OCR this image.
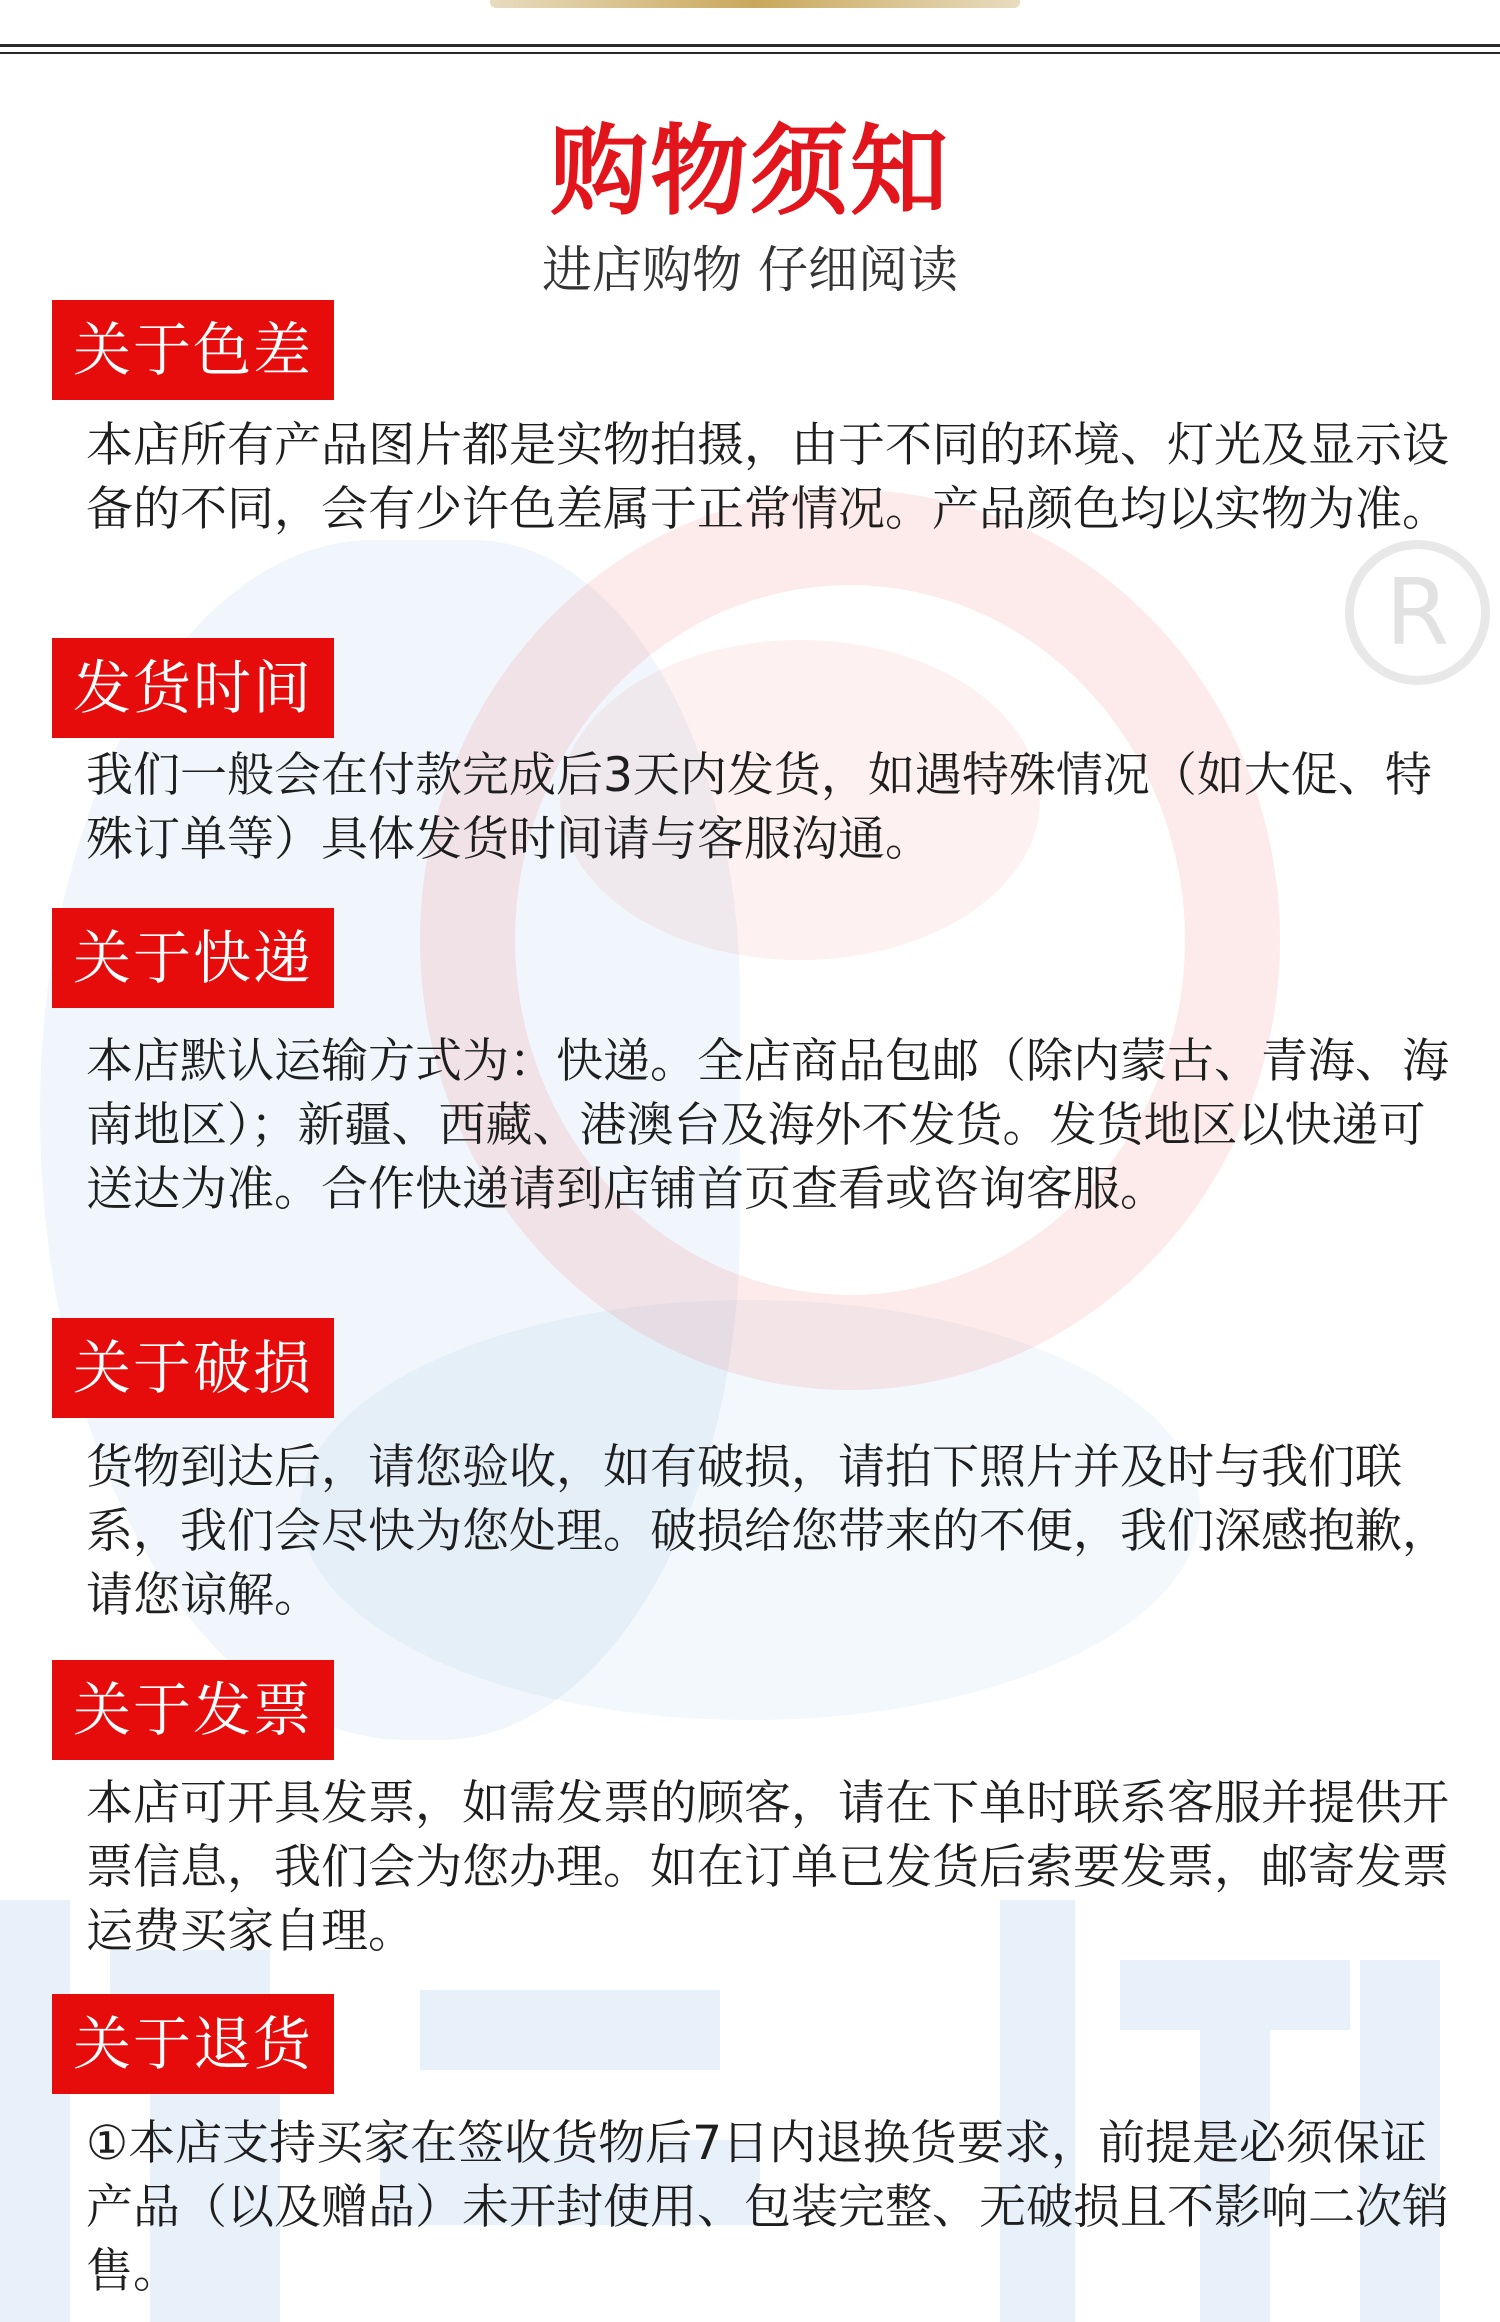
R
购物须知
进店购物 仔细阅读
关于色差

本店所有产品图片都是实物拍摄，由于不同的环境、灯光及显示设备的不同，会有少许色差属于正常情况。产品颜色均以实物为准。

发货时间

我们一般会在付款完成后3天内发货，如遇特殊情况（如大促、特殊订单等）具体发货时间请与客服沟通。

关于快递

本店默认运输方式为：快递。全店商品包邮（除内蒙古、青海、海南地区）；新疆、西藏、港澳台及海外不发货。发货地区以快递可送达为准。合作快递请到店铺首页查看或咨询客服。

关于破损

货物到达后，请您验收，如有破损，请拍下照片并及时与我们联系，我们会尽快为您处理。破损给您带来的不便，我们深感抱歉，请您谅解。

关于发票

本店可开具发票，如需发票的顾客，请在下单时联系客服并提供开票信息，我们会为您办理。如在订单已发货后索要发票，邮寄发票运费买家自理。

关于退货

①本店支持买家在签收货物后7日内退换货要求，前提是必须保证产品（以及赠品）未开封使用、包装完整、无破损且不影响二次销售。
